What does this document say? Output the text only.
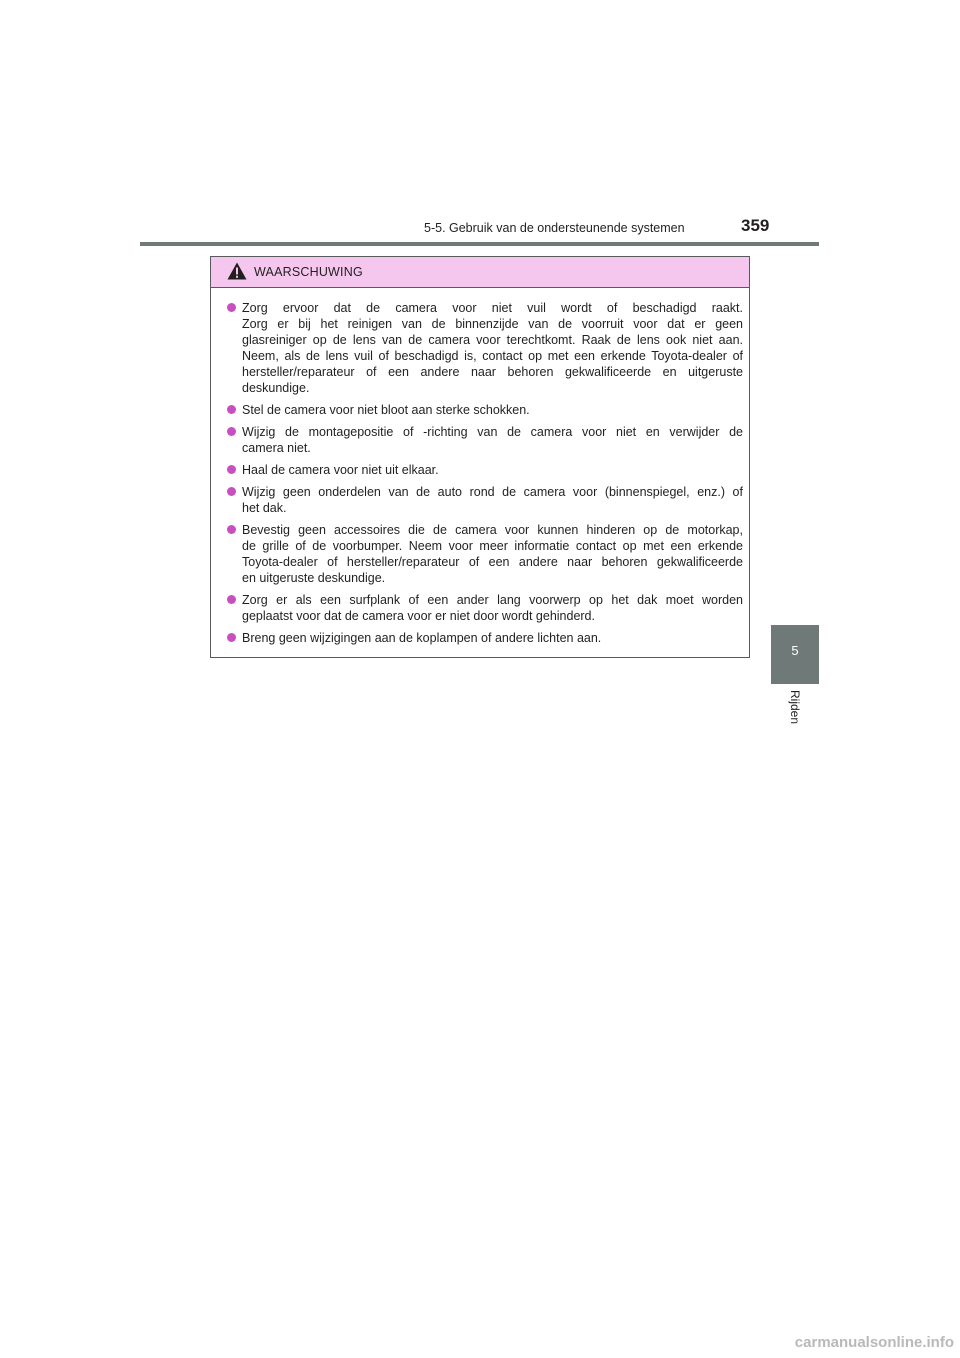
5-5. Gebruik van de ondersteunende systemen	359
5
Rijden
WAARSCHUWING
Zorg ervoor dat de camera voor niet vuil wordt of beschadigd raakt.
Zorg er bij het reinigen van de binnenzijde van de voorruit voor dat er geen
glasreiniger op de lens van de camera voor terechtkomt. Raak de lens ook niet aan.
Neem, als de lens vuil of beschadigd is, contact op met een erkende Toyota-dealer of
hersteller/reparateur of een andere naar behoren gekwalificeerde en uitgeruste
deskundige.
Stel de camera voor niet bloot aan sterke schokken.
Wijzig de montagepositie of -richting van de camera voor niet en verwijder de
camera niet.
Haal de camera voor niet uit elkaar.
Wijzig geen onderdelen van de auto rond de camera voor (binnenspiegel, enz.) of
het dak.
Bevestig geen accessoires die de camera voor kunnen hinderen op de motorkap,
de grille of de voorbumper. Neem voor meer informatie contact op met een erkende
Toyota-dealer of hersteller/reparateur of een andere naar behoren gekwalificeerde
en uitgeruste deskundige.
Zorg er als een surfplank of een ander lang voorwerp op het dak moet worden
geplaatst voor dat de camera voor er niet door wordt gehinderd.
Breng geen wijzigingen aan de koplampen of andere lichten aan.
carmanualsonline.info
